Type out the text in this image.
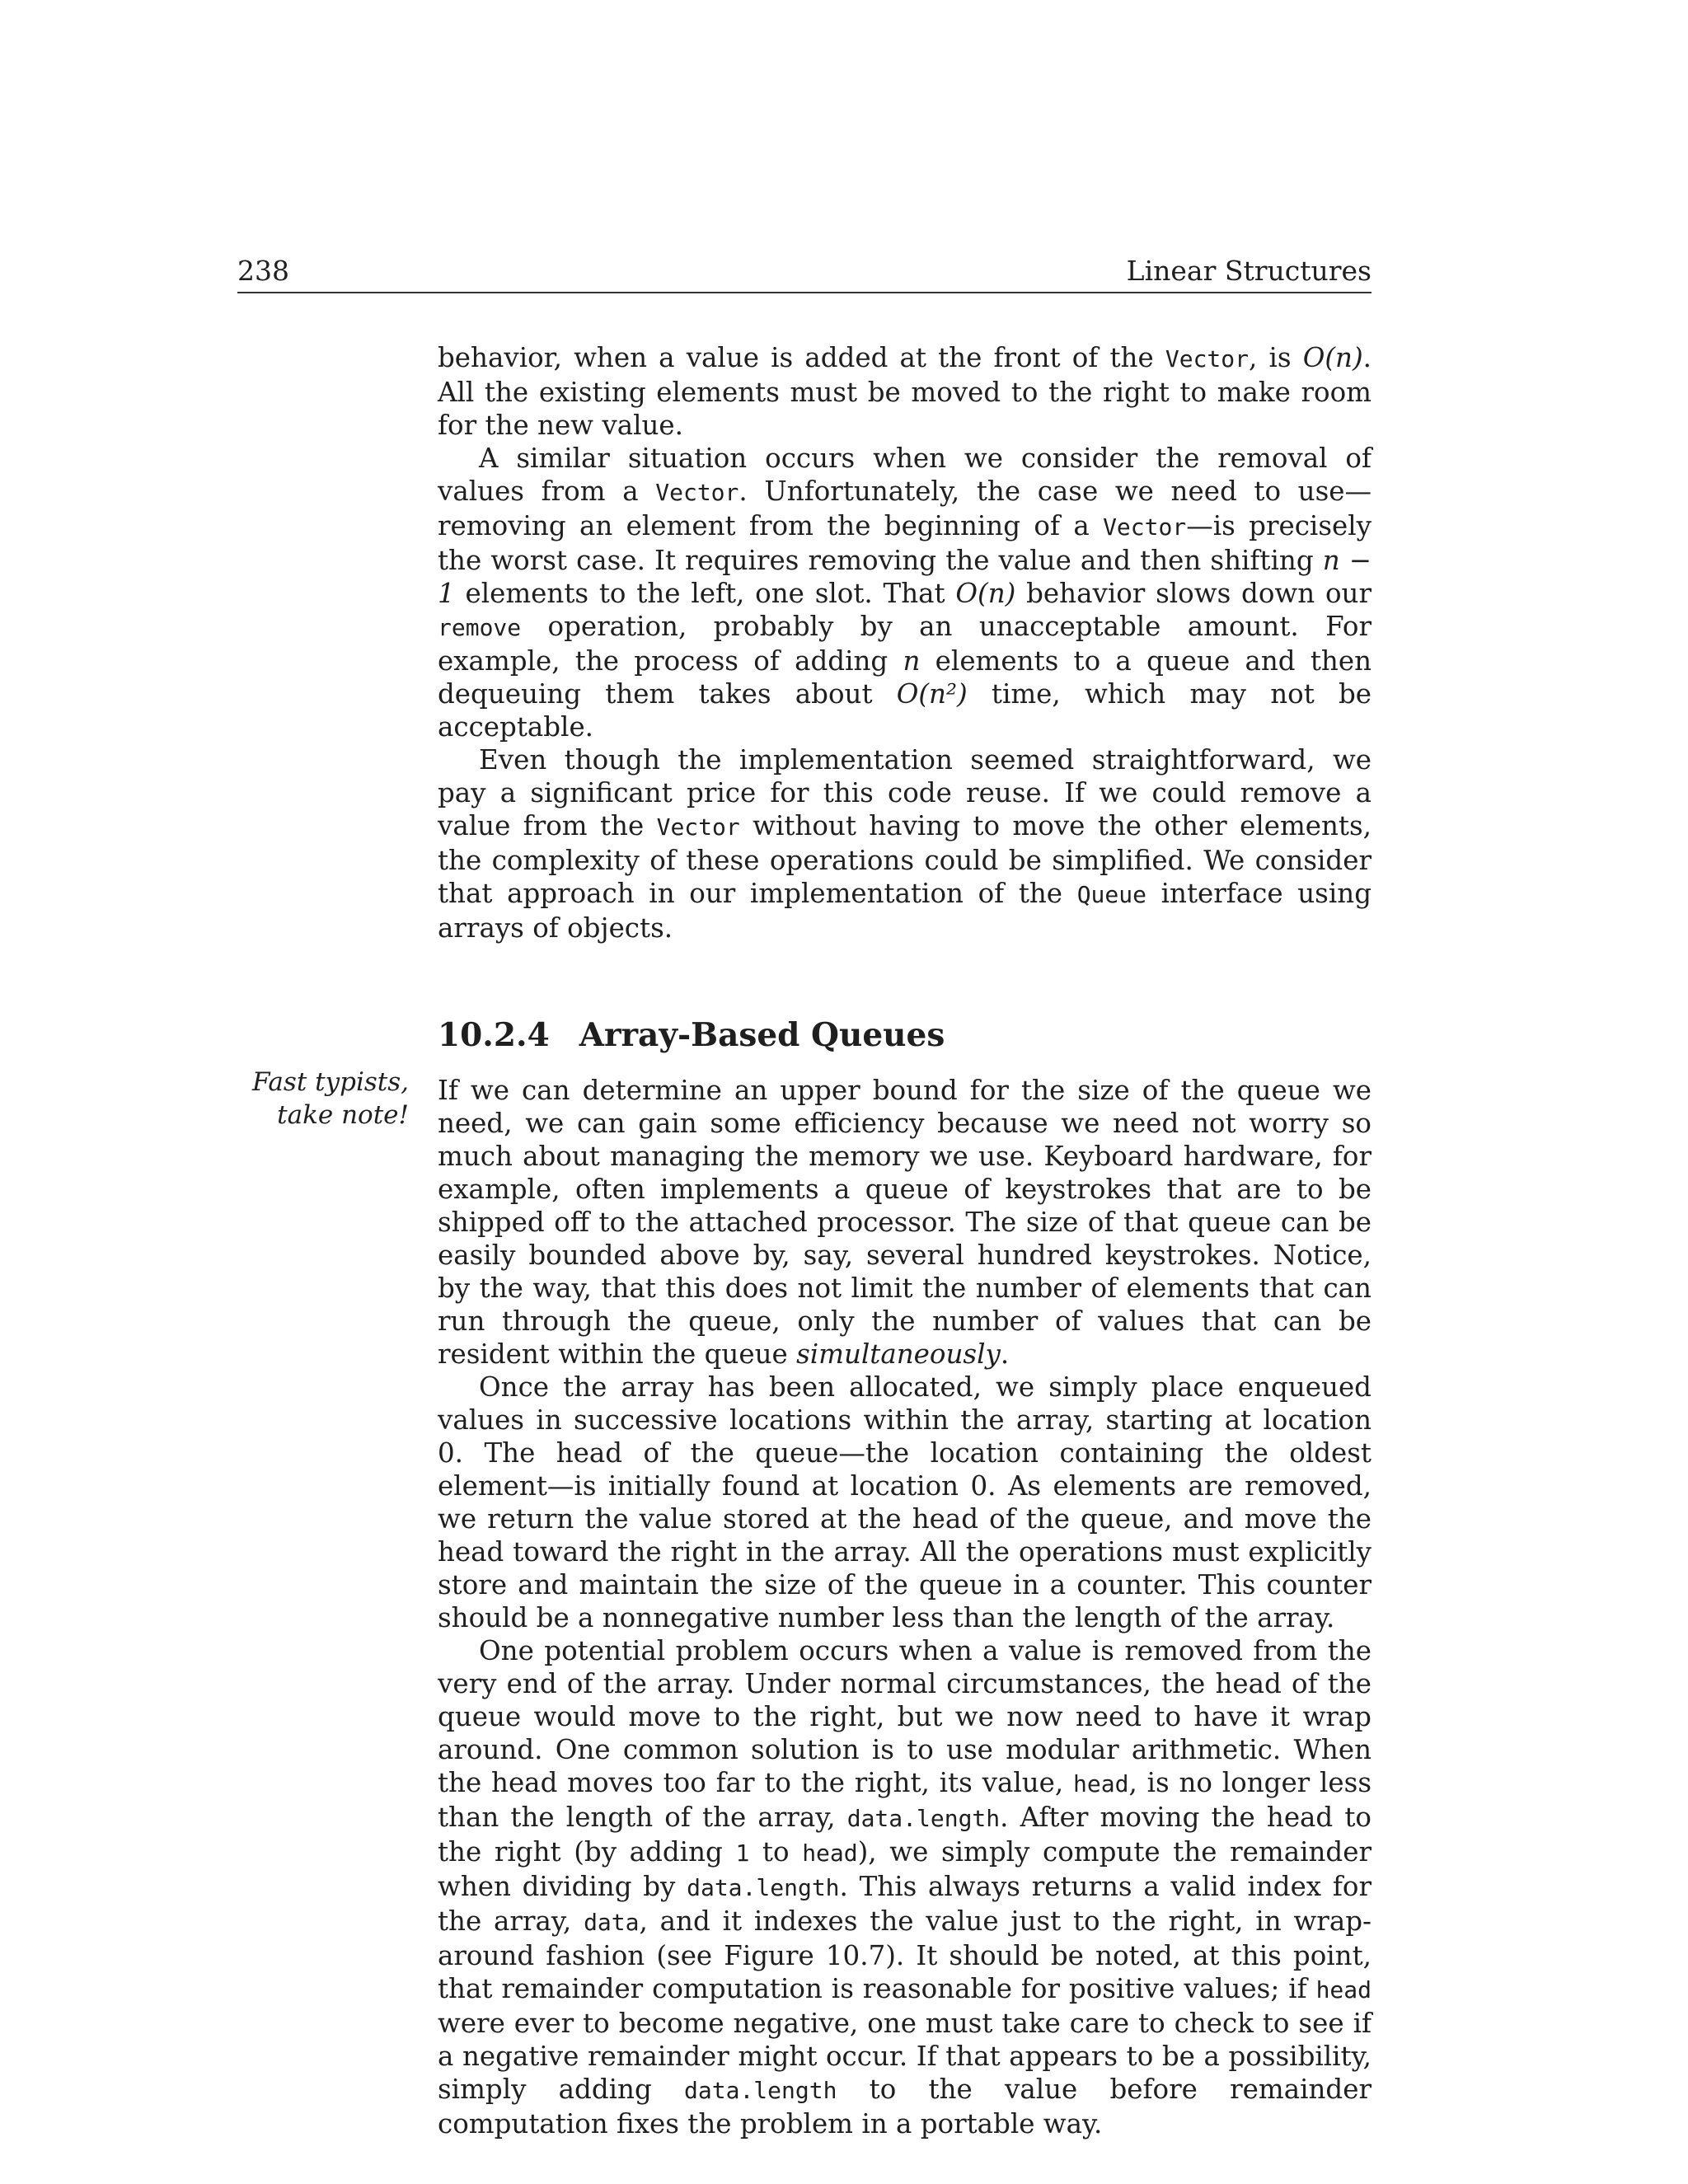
238	Linear Structures
Fast typists,
take note!

behavior, when a value is added at the front of the Vector, is O(n). All the existing elements must be moved to the right to make room for the new value.

A similar situation occurs when we consider the removal of values from a Vector. Unfortunately, the case we need to use—removing an element from the beginning of a Vector—is precisely the worst case. It requires removing the value and then shifting n − 1 elements to the left, one slot. That O(n) behavior slows down our remove operation, probably by an unacceptable amount. For example, the process of adding n elements to a queue and then dequeuing them takes about O(n²) time, which may not be acceptable.

Even though the implementation seemed straightforward, we pay a significant price for this code reuse. If we could remove a value from the Vector without having to move the other elements, the complexity of these operations could be simplified. We consider that approach in our implementation of the Queue interface using arrays of objects.

10.2.4 Array-Based Queues

If we can determine an upper bound for the size of the queue we need, we can gain some efficiency because we need not worry so much about managing the memory we use. Keyboard hardware, for example, often implements a queue of keystrokes that are to be shipped off to the attached processor. The size of that queue can be easily bounded above by, say, several hundred keystrokes. Notice, by the way, that this does not limit the number of elements that can run through the queue, only the number of values that can be resident within the queue simultaneously.

Once the array has been allocated, we simply place enqueued values in successive locations within the array, starting at location 0. The head of the queue—the location containing the oldest element—is initially found at location 0. As elements are removed, we return the value stored at the head of the queue, and move the head toward the right in the array. All the operations must explicitly store and maintain the size of the queue in a counter. This counter should be a nonnegative number less than the length of the array.

One potential problem occurs when a value is removed from the very end of the array. Under normal circumstances, the head of the queue would move to the right, but we now need to have it wrap around. One common solution is to use modular arithmetic. When the head moves too far to the right, its value, head, is no longer less than the length of the array, data.length. After moving the head to the right (by adding 1 to head), we simply compute the remainder when dividing by data.length. This always returns a valid index for the array, data, and it indexes the value just to the right, in wrap-around fashion (see Figure 10.7). It should be noted, at this point, that remainder computation is reasonable for positive values; if head were ever to become negative, one must take care to check to see if a negative remainder might occur. If that appears to be a possibility, simply adding data.length to the value before remainder computation fixes the problem in a portable way.
